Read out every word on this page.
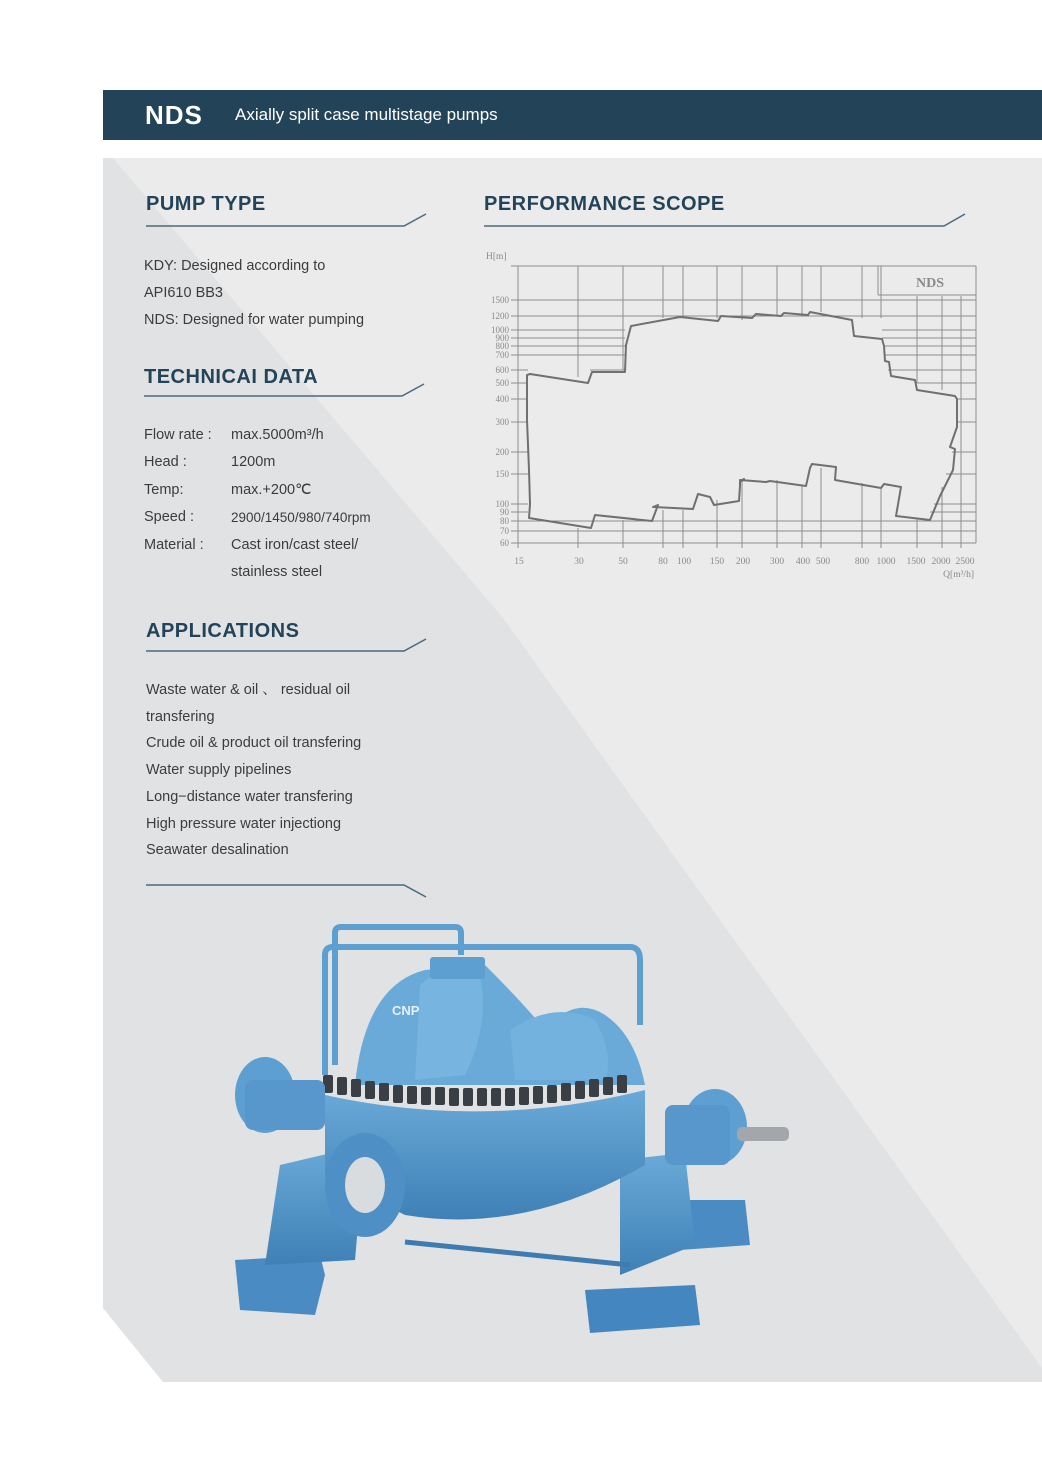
NDS Axially split case multistage pumps
PUMP TYPE
KDY: Designed according to
API610 BB3
NDS: Designed for water pumping
TECHNICAI DATA
Flow rate :	max.5000m³/h
Head :	1200m
Temp:	max.+200℃
Speed :	2900/1450/980/740rpm
Material :	Cast iron/cast steel/
stainless steel
APPLICATIONS
Waste water & oil 、 residual oil
transfering
Crude oil & product oil transfering
Water supply pipelines
Long−distance water transfering
High pressure water injectiong
Seawater desalination
PERFORMANCE SCOPE
NDS
H[m]
Q[m³/h]
1500
1200
1000
900
800
700
600
500
400
300
200
150
100
90
80
70
60
15	30	50	80 100 150 200 300 400 500	800 1000 1500 2000 2500
CNP
